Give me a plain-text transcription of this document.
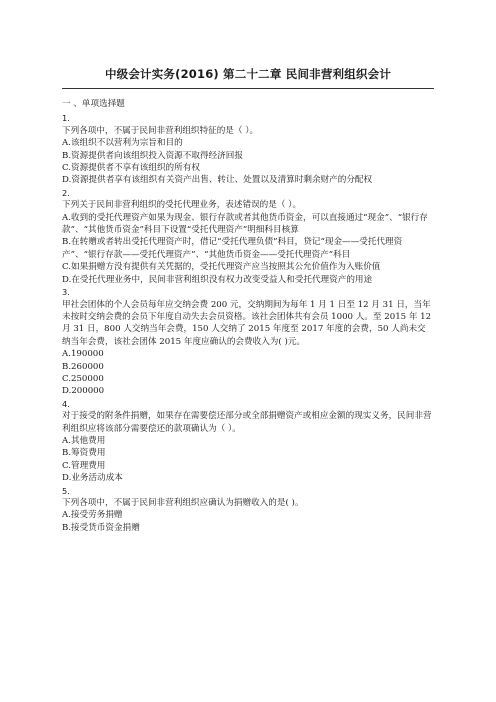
中级会计实务(2016) 第二十二章 民间非营利组织会计

一 、单项选择题

1.

下列各项中，不属于民间非营利组织特征的是（ ）。

A.该组织不以营利为宗旨和目的

B.资源提供者向该组织投入资源不取得经济回报

C.资源提供者不享有该组织的所有权

D.资源提供者享有该组织有关资产出售、转让、处置以及清算时剩余财产的分配权

2.

下列关于民间非营利组织的受托代理业务，表述错误的是（ ）。

A.收到的受托代理资产如果为现金、银行存款或者其他货币资金，可以直接通过“现金”、“银行存款”、“其他货币资金”科目下设置“受托代理资产”明细科目核算

B.在转赠或者转出受托代理资产时，借记“受托代理负债”科目，贷记“现金——受托代理资产”、“银行存款——受托代理资产”、“其他货币资金——受托代理资产”科目

C.如果捐赠方没有提供有关凭据的，受托代理资产应当按照其公允价值作为入账价值

D.在受托代理业务中，民间非营利组织没有权力改变受益人和受托代理资产的用途

3.

甲社会团体的个人会员每年应交纳会费 200 元，交纳期间为每年 1 月 1 日至 12 月 31 日，当年未按时交纳会费的会员下年度自动失去会员资格。该社会团体共有会员 1000 人。至 2015 年 12 月 31 日，800 人交纳当年会费，150 人交纳了 2015 年度至 2017 年度的会费，50 人尚未交纳当年会费，该社会团体 2015 年度应确认的会费收入为( )元。

A.190000

B.260000

C.250000

D.200000

4.

对于接受的附条件捐赠，如果存在需要偿还部分或全部捐赠资产或相应金额的现实义务，民间非营利组织应将该部分需要偿还的款项确认为（ ）。

A.其他费用

B.筹资费用

C.管理费用

D.业务活动成本

5.

下列各项中，不属于民间非营利组织应确认为捐赠收入的是( )。

A.接受劳务捐赠

B.接受货币资金捐赠
